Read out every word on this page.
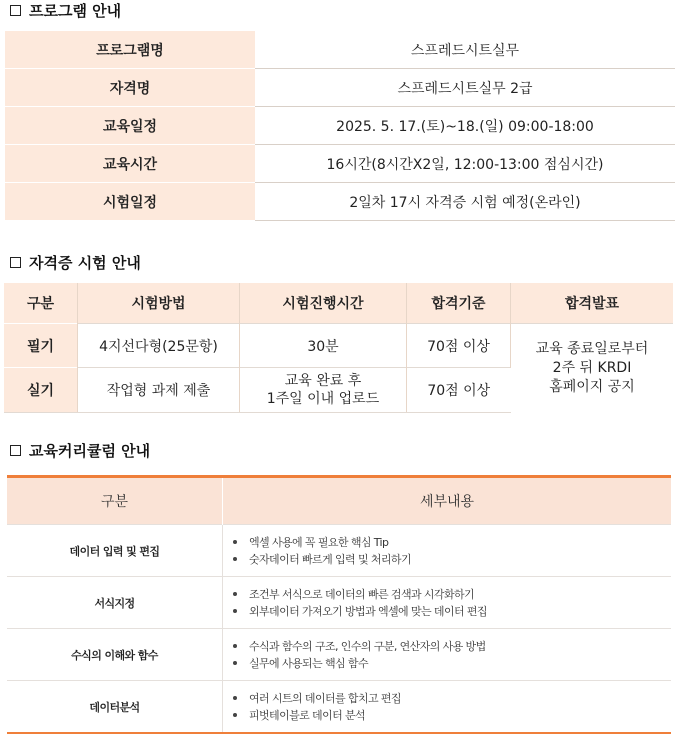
프로그램 안내
프로그램명	스프레드시트실무
자격명	스프레드시트실무 2급
교육일정	2025. 5. 17.(토)~18.(일) 09:00-18:00
교육시간	16시간(8시간X2일, 12:00-13:00 점심시간)
시험일정	2일차 17시 자격증 시험 예정(온라인)
자격증 시험 안내
구분	시험방법	시험진행시간	합격기준	합격발표
필기	4지선다형(25문항)	30분	70점 이상	교육 종료일로부터
2주 뒤 KRDI
홈페이지 공지

실기	작업형 과제 제출	교육 완료 후
1주일 이내 업로드	70점 이상	
교육커리큘럼 안내
구분	세부내용
데이터 입력 및 편집	엑셀 사용에 꼭 필요한 핵심 Tip
숫자데이터 빠르게 입력 및 처리하기

서식지정	조건부 서식으로 데이터의 빠른 검색과 시각화하기
외부데이터 가져오기 방법과 엑셀에 맞는 데이터 편집

수식의 이해와 함수	수식과 함수의 구조, 인수의 구분, 연산자의 사용 방법
실무에 사용되는 핵심 함수

데이터분석	여러 시트의 데이터를 합치고 편집
피벗테이블로 데이터 분석
